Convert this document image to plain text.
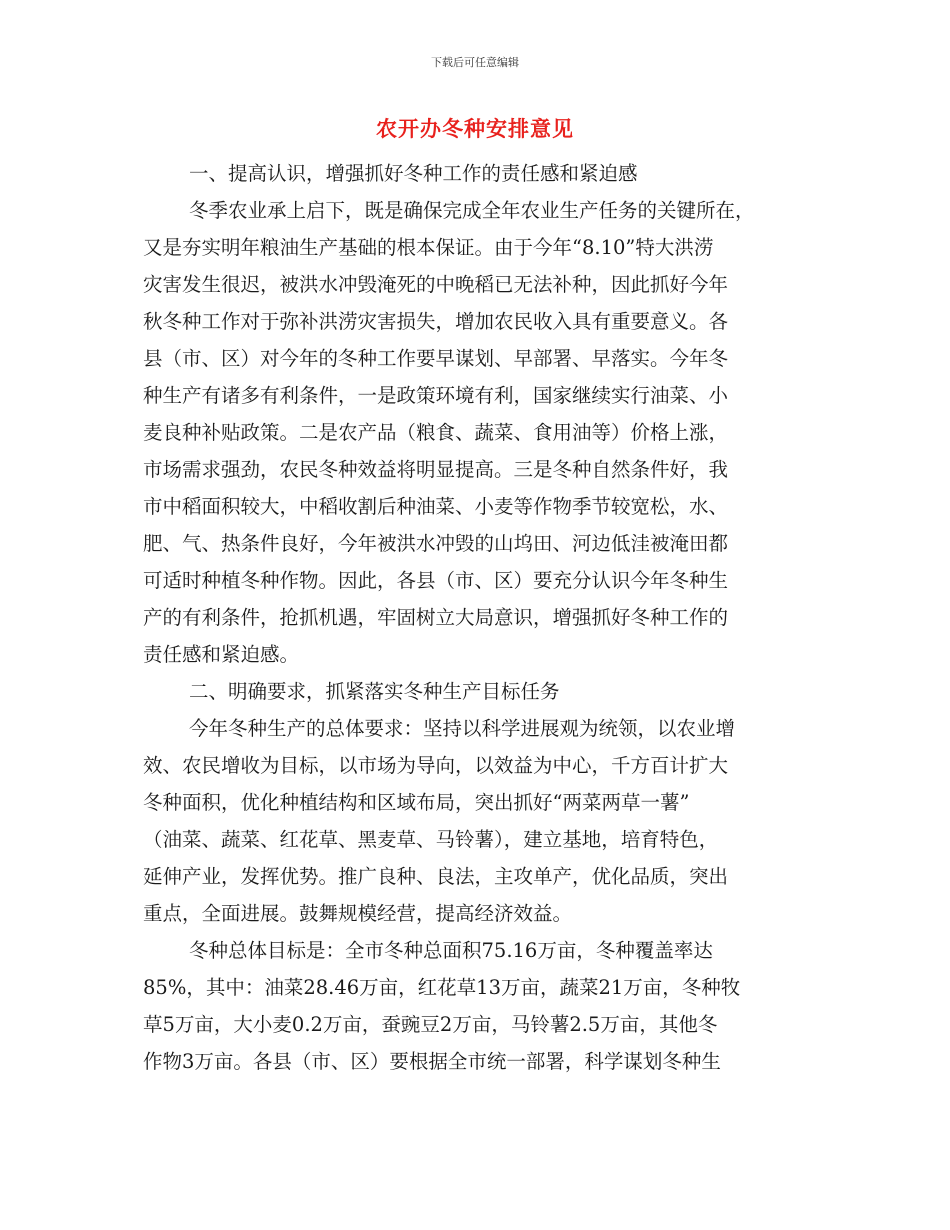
下载后可任意编辑
农开办冬种安排意见
一、提高认识，增强抓好冬种工作的责任感和紧迫感
冬季农业承上启下，既是确保完成全年农业生产任务的关键所在，
又是夯实明年粮油生产基础的根本保证。由于今年“8.10”特大洪涝
灾害发生很迟，被洪水冲毁淹死的中晚稻已无法补种，因此抓好今年
秋冬种工作对于弥补洪涝灾害损失，增加农民收入具有重要意义。各
县（市、区）对今年的冬种工作要早谋划、早部署、早落实。今年冬
种生产有诸多有利条件，一是政策环境有利，国家继续实行油菜、小
麦良种补贴政策。二是农产品（粮食、蔬菜、食用油等）价格上涨，
市场需求强劲，农民冬种效益将明显提高。三是冬种自然条件好，我
市中稻面积较大，中稻收割后种油菜、小麦等作物季节较宽松，水、
肥、气、热条件良好，今年被洪水冲毁的山坞田、河边低洼被淹田都
可适时种植冬种作物。因此，各县（市、区）要充分认识今年冬种生
产的有利条件，抢抓机遇，牢固树立大局意识，增强抓好冬种工作的
责任感和紧迫感。
二、明确要求，抓紧落实冬种生产目标任务
今年冬种生产的总体要求：坚持以科学进展观为统领，以农业增
效、农民增收为目标，以市场为导向，以效益为中心，千方百计扩大
冬种面积，优化种植结构和区域布局，突出抓好“两菜两草一薯”
（油菜、蔬菜、红花草、黑麦草、马铃薯），建立基地，培育特色，
延伸产业，发挥优势。推广良种、良法，主攻单产，优化品质，突出
重点，全面进展。鼓舞规模经营，提高经济效益。
冬种总体目标是：全市冬种总面积75.16万亩，冬种覆盖率达
85%，其中：油菜28.46万亩，红花草13万亩，蔬菜21万亩，冬种牧
草5万亩，大小麦0.2万亩，蚕豌豆2万亩，马铃薯2.5万亩，其他冬
作物3万亩。各县（市、区）要根据全市统一部署，科学谋划冬种生
